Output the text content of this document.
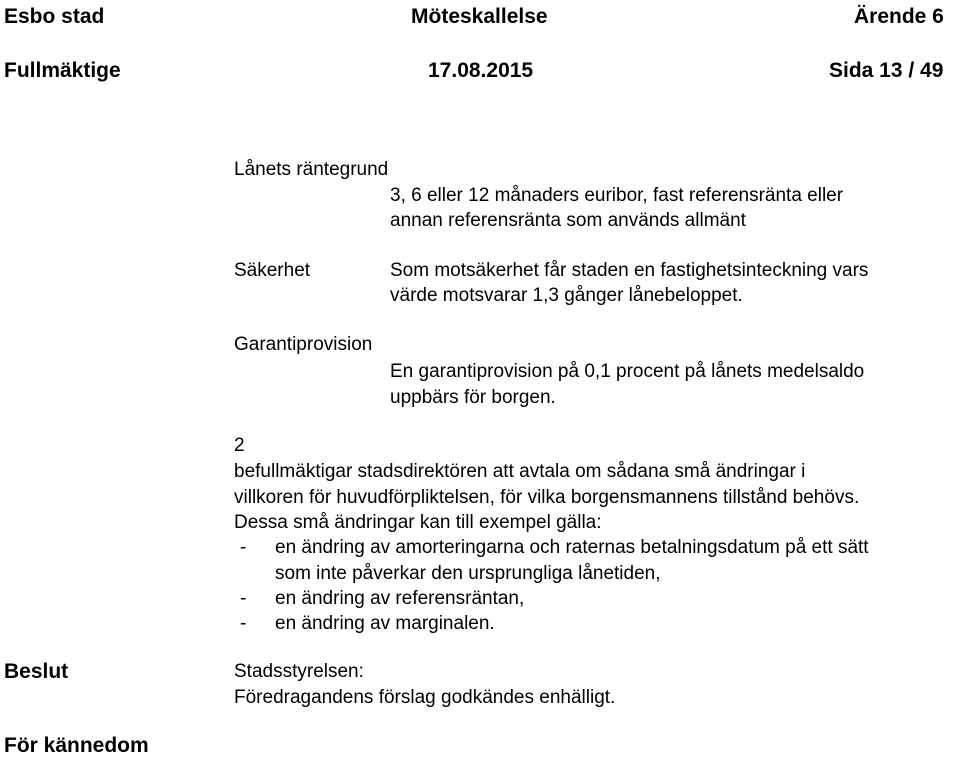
Esbo stad	Möteskallelse	Ärende 6
Fullmäktige	17.08.2015	Sida 13 / 49
Lånets räntegrund
3, 6 eller 12 månaders euribor, fast referensränta eller
annan referensränta som används allmänt
Säkerhet	Som motsäkerhet får staden en fastighetsinteckning vars
värde motsvarar 1,3 gånger lånebeloppet.
Garantiprovision
En garantiprovision på 0,1 procent på lånets medelsaldo
uppbärs för borgen.
2
befullmäktigar stadsdirektören att avtala om sådana små ändringar i
villkoren för huvudförpliktelsen, för vilka borgensmannens tillstånd behövs.
Dessa små ändringar kan till exempel gälla:
- en ändring av amorteringarna och raternas betalningsdatum på ett sätt
som inte påverkar den ursprungliga lånetiden,
- en ändring av referensräntan,
- en ändring av marginalen.
Beslut	Stadsstyrelsen:
Föredragandens förslag godkändes enhälligt.
För kännedom
